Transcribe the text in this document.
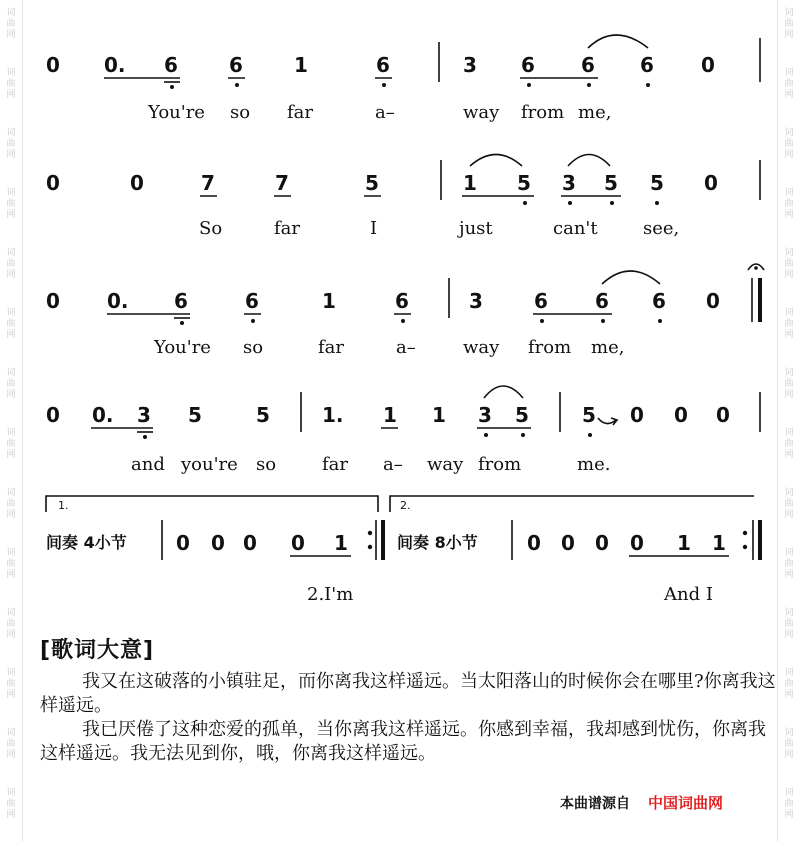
词
曲
网
词
曲
网
词
曲
网
词
曲
网
词
曲
网
词
曲
网
词
曲
网
词
曲
网
词
曲
网
词
曲
网
词
曲
网
词
曲
网
词
曲
网
词
曲
网
词
曲
网
词
曲
网
词
曲
网
词
曲
网
词
曲
网
词
曲
网
词
曲
网
词
曲
网
词
曲
网
词
曲
网
词
曲
网
词
曲
网
词
曲
网
词
曲
网
0 0. 6	6	1	6	3 6 6 6 0
You're so far	a–	way from me,
0	0	7	7	5	1 5 3 5 5 0
So	far	I	just	can't	see,
0 0. 6	6	1	6	3	6 6 6 0
You're so	far	a–	way from me,
0 0. 3 5	5	1. 1 1 3 5	5 0 0 0
and you're so	far a– way from	me.
1.
间奏 4小节 0 0 0 0 1
2.I'm
2.
间奏 8小节 0 0 0 0 1 1
And I
[歌词大意]

我又在这破落的小镇驻足，而你离我这样遥远。当太阳落山的时候你会在哪里?你离我这样遥远。

我已厌倦了这种恋爱的孤单，当你离我这样遥远。你感到幸福，我却感到忧伤，你离我这样遥远。我无法见到你，哦，你离我这样遥远。

本曲谱源自 中国词曲网
